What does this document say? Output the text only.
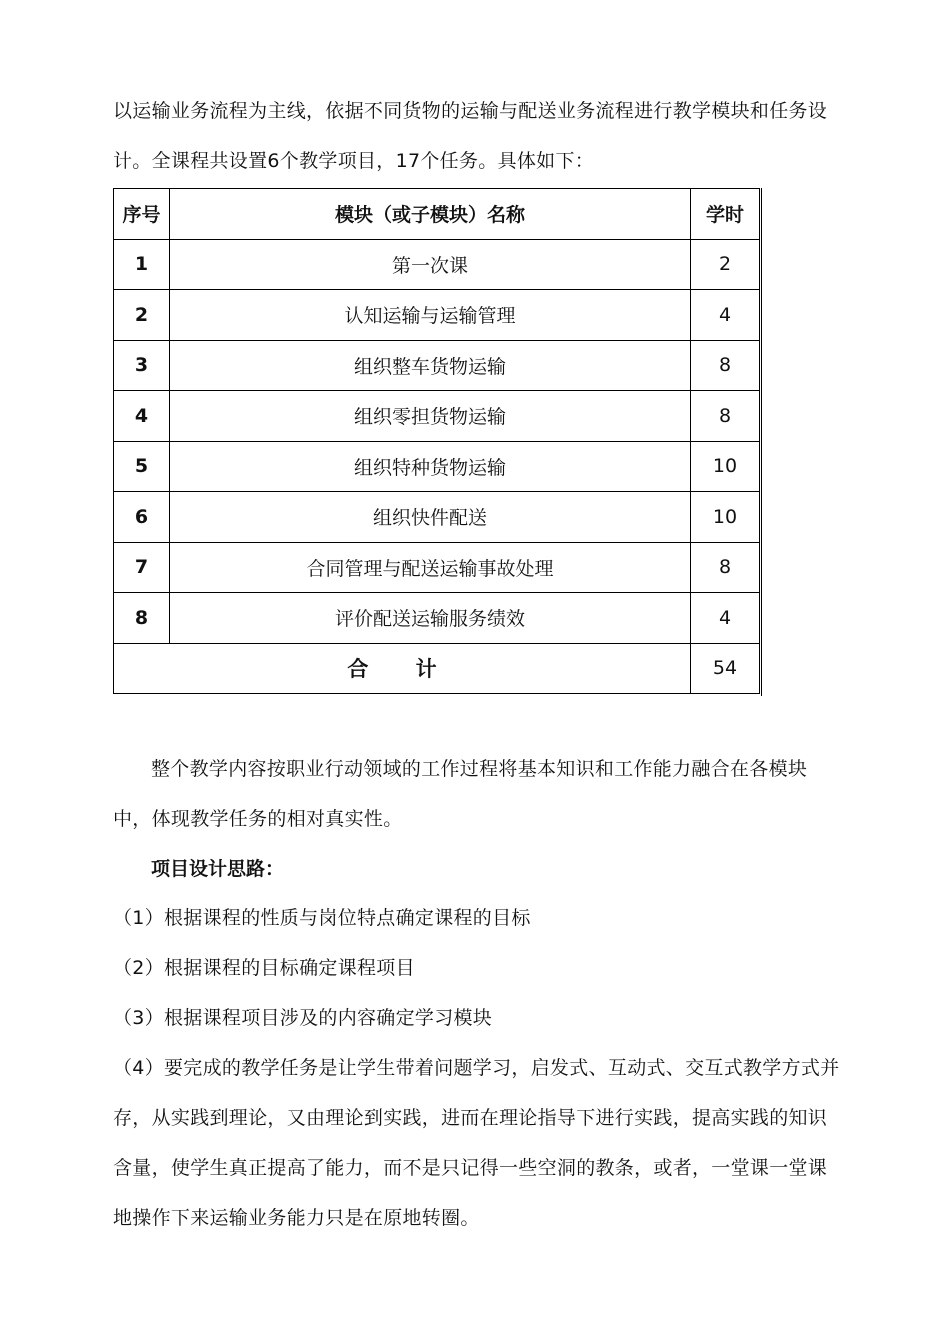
以运输业务流程为主线，依据不同货物的运输与配送业务流程进行教学模块和任务设计。全课程共设置6个教学项目，17个任务。具体如下：

序号	模块（或子模块）名称	学时
1	第一次课	2
2	认知运输与运输管理	4
3	组织整车货物运输	8
4	组织零担货物运输	8
5	组织特种货物运输	10
6	组织快件配送	10
7	合同管理与配送运输事故处理	8
8	评价配送运输服务绩效	4
合 计		54

整个教学内容按职业行动领域的工作过程将基本知识和工作能力融合在各模块中，体现教学任务的相对真实性。

项目设计思路：

（1）根据课程的性质与岗位特点确定课程的目标

（2）根据课程的目标确定课程项目

（3）根据课程项目涉及的内容确定学习模块

（4）要完成的教学任务是让学生带着问题学习，启发式、互动式、交互式教学方式并存，从实践到理论，又由理论到实践，进而在理论指导下进行实践，提高实践的知识含量，使学生真正提高了能力，而不是只记得一些空洞的教条，或者，一堂课一堂课地操作下来运输业务能力只是在原地转圈。
